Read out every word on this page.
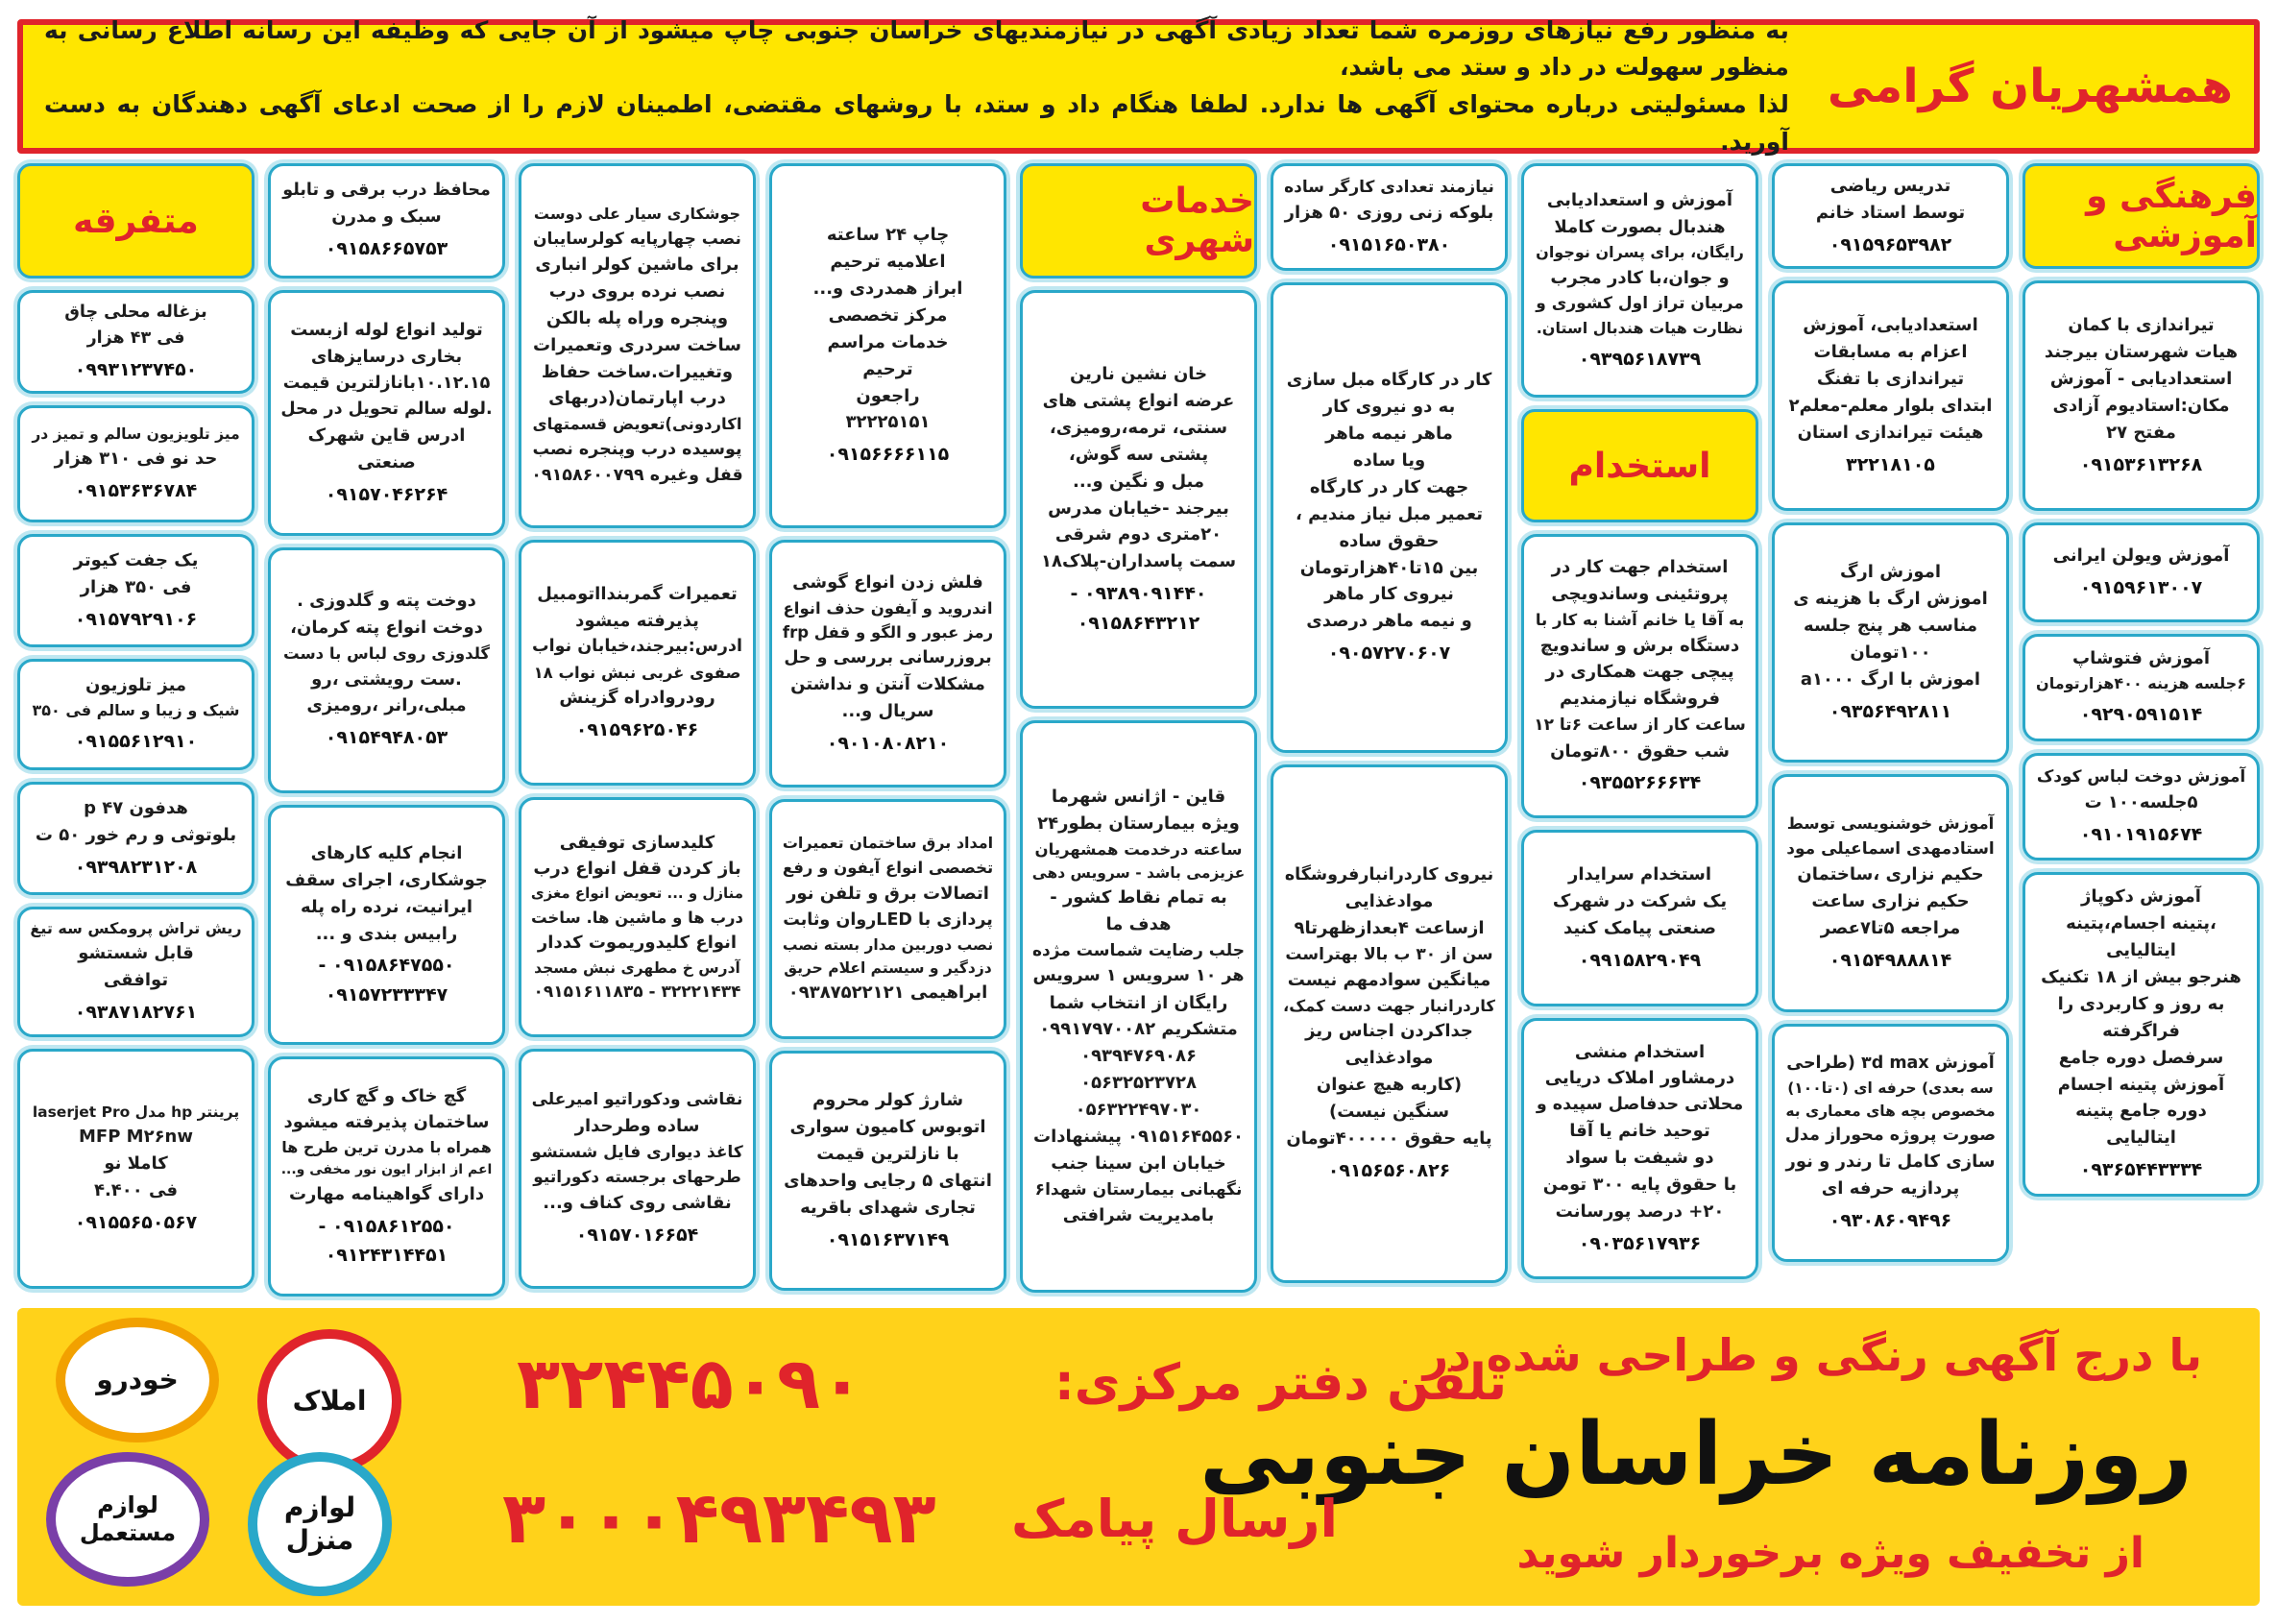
همشهریان گرامی
به منظور رفع نیازهای روزمره شما تعداد زیادی آگهی در نیازمندیهای خراسان جنوبی چاپ میشود از آن جایی که وظیفه این رسانه اطلاع رسانی به منظور سهولت در داد و ستد می باشد،
لذا مسئولیتی درباره محتوای آگهی ها ندارد. لطفا هنگام داد و ستد، با روشهای مقتضی، اطمینان لازم را از صحت ادعای آگهی دهندگان به دست آورید.
فرهنگی و آموزشی
تیراندازی با کمان
هیات شهرستان بیرجند
استعدادیابی - آموزش
مکان:استادیوم آزادی
مفتح ۲۷
۰۹۱۵۳۶۱۳۲۶۸
آموزش ویولن ایرانی
۰۹۱۵۹۶۱۳۰۰۷
آموزش فتوشاپ
۶جلسه هزینه ۴۰۰هزارتومان
۰۹۲۹۰۵۹۱۵۱۴
آموزش دوخت لباس کودک
۵جلسه۱۰۰ ت
۰۹۱۰۱۹۱۵۶۷۴
آموزش دکوپاژ
،پتینه اجسام،پتینه
ایتالیایی
هنرجو بیش از ۱۸ تکنیک
به روز و کاربردی را
فراگرفته
سرفصل دوره جامع
آموزش پتینه اجسام
دوره جامع پتینه
ایتالیایی
۰۹۳۶۵۴۴۳۳۳۴
تدریس ریاضی
توسط استاد خانم
۰۹۱۵۹۶۵۳۹۸۲
استعدادیابی، آموزش
اعزام به مسابقات
تیراندازی با تفنگ
ابتدای بلوار معلم-معلم۲
هیئت تیراندازی استان
۳۲۲۱۸۱۰۵
اموزش ارگ
اموزش ارگ با هزینه ی
مناسب هر پنج جلسه
۱۰۰تومان
اموزش با ارگ a۱۰۰۰
۰۹۳۵۶۴۹۲۸۱۱
آموزش خوشنویسی توسط
استادمهدی اسماعیلی مود
حکیم نزاری ،ساختمان
حکیم نزاری ساعت
مراجعه ۵تا۷عصر
۰۹۱۵۴۹۸۸۸۱۴
آموزش ۳d max (طراحی
سه بعدی) حرفه ای (۰تا۱۰۰)
مخصوص بچه های معماری به
صورت پروژه محوراز مدل
سازی کامل تا رندر و نور
پردازیه حرفه ای
۰۹۳۰۸۶۰۹۴۹۶
آموزش و استعدادیابی
هندبال بصورت کاملا
رایگان، برای پسران نوجوان
و جوان،با کادر مجرب
مربیان تراز اول کشوری و
نظارت هیات هندبال استان.
۰۹۳۹۵۶۱۸۷۳۹
استخدام
استخدام جهت کار در
پروتئینی وساندویچی
به آقا یا خانم آشنا به کار با
دستگاه برش و ساندویچ
پیچی جهت همکاری در
فروشگاه نیازمندیم
ساعت کار از ساعت ۶تا ۱۲
شب حقوق ۸۰۰تومان
۰۹۳۵۵۲۶۶۶۳۴
استخدام سرایدار
یک شرکت در شهرک
صنعتی پیامک کنید
۰۹۹۱۵۸۲۹۰۴۹
استخدام منشی
درمشاور املاک دریایی
محلاتی حدفاصل سپیده و
توحید خانم یا آقا
دو شیفت با سواد
با حقوق پایه ۳۰۰ تومن
۲۰+ درصد پورسانت
۰۹۰۳۵۶۱۷۹۳۶
نیازمند تعدادی کارگر ساده
بلوکه زنی روزی ۵۰ هزار
۰۹۱۵۱۶۵۰۳۸۰
کار در کارگاه مبل سازی
به دو نیروی کار
ماهر نیمه ماهر
ویا ساده
جهت کار در کارگاه
تعمیر مبل نیاز مندیم ،
حقوق ساده
بین ۱۵تا۴۰هزارتومان
نیروی کار ماهر
و نیمه ماهر درصدی
۰۹۰۵۷۲۷۰۶۰۷
نیروی کاردرانبارفروشگاه
موادغذایی
ازساعت ۴بعدازظهرتا۹
سن از ۳۰ ب بالا بهتراست
میانگین سوادمهم نیست
کاردرانبار جهت دست کمک،
جداکردن اجناس ریز
موادغذایی
(کاربه هیچ عنوان
سنگین نیست)
پایه حقوق ۴۰۰۰۰۰تومان
۰۹۱۵۶۵۶۰۸۲۶
خدمات شهری
خان نشین نارین
عرضه انواع پشتی های
سنتی، ترمه،رومیزی،
پشتی سه گوش،
مبل و نگین و...
بیرجند -خیابان مدرس
۲۰متری دوم شرقی
سمت پاسداران-پلاک۱۸
۰۹۳۸۹۰۹۱۴۴۰ - ۰۹۱۵۸۶۴۳۲۱۲
قاین - اژانس شهرما
ویژه بیمارستان بطور۲۴
ساعته درخدمت همشهریان
عزیزمی باشد - سرویس دهی
به تمام نقاط کشور -
هدف ما
جلب رضایت شماست مژده
هر ۱۰ سرویس ۱ سرویس
رایگان از انتخاب شما
متشکریم ۰۹۹۱۷۹۷۰۰۸۲
۰۹۳۹۴۷۶۹۰۸۶
۰۵۶۳۲۵۲۳۷۲۸
۰۵۶۳۲۲۴۹۷۰۳۰
۰۹۱۵۱۶۴۵۵۶۰ پیشنهادات
خیابان ابن سینا جنب
نگهبانی بیمارستان شهدا۶
بامدیریت شرافتی
چاپ ۲۴ ساعته
اعلامیه ترحیم
ابراز همدردی و...
مرکز تخصصی
خدمات مراسم
ترحیم
راجعون
۳۲۲۲۵۱۵۱
۰۹۱۵۶۶۶۶۱۱۵
فلش زدن انواع گوشی
اندروید و آیفون حذف انواع
رمز عبور و الگو و قفل frp
بروزرسانی بررسی و حل
مشکلات آنتن و نداشتن
سریال و...
۰۹۰۱۰۸۰۸۲۱۰
امداد برق ساختمان تعمیرات
تخصصی انواع آیفون و رفع
اتصالات برق و تلفن نور
پردازی با LEDروان وثابت
نصب دوربین مدار بسته نصب
دزدگیر و سیستم اعلام حریق
ابراهیمی ۰۹۳۸۷۵۲۲۱۲۱
شارژ کولر محروم
اتوبوس کامیون سواری
با نازلترین قیمت
انتهای ۵ رجایی واحدهای
تجاری شهدای باقریه
۰۹۱۵۱۶۳۷۱۴۹
جوشکاری سیار علی دوست
نصب چهارپایه کولرسایبان
برای ماشین کولر انباری
نصب نرده بروی درب
وپنجره وراه پله بالکن
ساخت سردری وتعمیرات
وتغییرات.ساخت حفاظ
درب اپارتمان(دربهای
اکاردونی)تعویض قسمتهای
پوسیده درب وپنجره نصب
قفل وغیره ۰۹۱۵۸۶۰۰۷۹۹
تعمیرات گمربندااتومبیل
پذیرفته میشود
ادرس:بیرجند،خیابان نواب
صفوی غربی نبش نواب ۱۸
رودروادراه گزینش
۰۹۱۵۹۶۲۵۰۴۶
کلیدسازی توفیقی
باز کردن قفل انواع درب
منازل و ... تعویض انواع مغزی
درب ها و ماشین ها. ساخت
انواع کلیدوریموت کددار
آدرس خ مطهری نبش مسجد
۳۲۲۲۱۴۳۴ - ۰۹۱۵۱۶۱۱۸۳۵
نقاشی ودکوراتیو امیرعلی
ساده وطرحدار
کاغذ دیواری فایل شستشو
طرحهای برجسته دکوراتیو
نقاشی روی کناف و...
۰۹۱۵۷۰۱۶۶۵۴
محافظ درب برقی و تابلو
سبک و مدرن
۰۹۱۵۸۶۶۵۷۵۳
تولید انواع لوله ازبست
بخاری درسایزهای
۱۰.۱۲.۱۵بانازلترین قیمت
.لوله سالم تحویل در محل
ادرس قاین شهرک
صنعتی
۰۹۱۵۷۰۴۶۲۶۴
دوخت پته و گلدوزی .
دوخت انواع پته کرمان،
گلدوزی روی لباس با دست
.ست رویشتی ،رو
مبلی،رانر ،رومیزی
۰۹۱۵۴۹۴۸۰۵۳
انجام کلیه کارهای
جوشکاری، اجرای سقف
ایرانیت، نرده راه پله
رابیس بندی و ...
۰۹۱۵۸۶۴۷۵۵۰ - ۰۹۱۵۷۲۳۳۳۴۷
گچ خاک و گچ کاری
ساختمان پذیرفته میشود
همراه با مدرن ترین طرح ها
اعم از ابزار ایون نور مخفی و...
دارای گواهینامه مهارت
۰۹۱۵۸۶۱۲۵۵۰ - ۰۹۱۲۴۳۱۴۴۵۱
متفرقه
بزغاله محلی چاق
فی ۴۳ هزار
۰۹۹۳۱۲۳۷۴۵۰
میز تلویزیون سالم و تمیز در
حد نو فی ۳۱۰ هزار
۰۹۱۵۳۶۳۶۷۸۴
یک جفت کیوتر
فی ۳۵۰ هزار
۰۹۱۵۷۹۲۹۱۰۶
میز تلوزیون
شیک و زیبا و سالم فی ۳۵۰
۰۹۱۵۵۶۱۲۹۱۰
هدفون p ۴۷
بلوتوثی و رم خور ۵۰ ت
۰۹۳۹۸۲۳۱۲۰۸
ریش تراش پرومکس سه تیغ
قابل شستشو
توافقی
۰۹۳۸۷۱۸۲۷۶۱
پرینتر hp مدل laserjet Pro
MFP M۲۶nw
کاملا نو
فی ۴.۴۰۰
۰۹۱۵۵۶۵۰۵۶۷
با درج آگهی رنگی و طراحی شده در
روزنامه خراسان جنوبی
از تخفیف ویژه برخوردار شوید
تلفن دفتر مرکزی:
۳۲۴۴۵۰۹۰
ارسال پیامک
۳۰۰۰۴۹۳۴۹۳
املاک
خودرو
لوازم منزل
لوازم مستعمل
